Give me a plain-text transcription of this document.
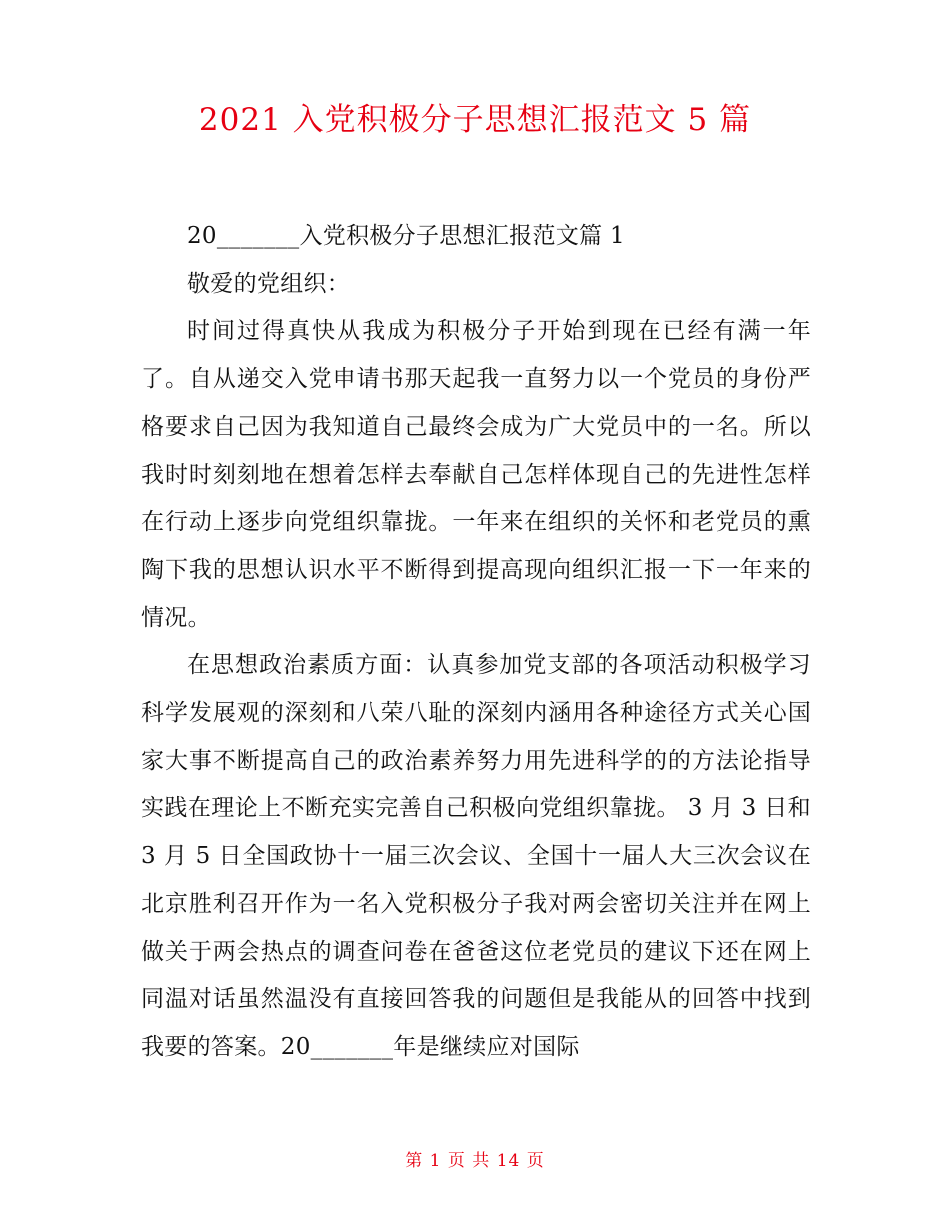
2021 入党积极分子思想汇报范文 5 篇

20_______入党积极分子思想汇报范文篇 1

敬爱的党组织：

时间过得真快从我成为积极分子开始到现在已经有满一年了。自从递交入党申请书那天起我一直努力以一个党员的身份严格要求自己因为我知道自己最终会成为广大党员中的一名。所以我时时刻刻地在想着怎样去奉献自己怎样体现自己的先进性怎样在行动上逐步向党组织靠拢。一年来在组织的关怀和老党员的熏陶下我的思想认识水平不断得到提高现向组织汇报一下一年来的情况。

在思想政治素质方面：认真参加党支部的各项活动积极学习科学发展观的深刻和八荣八耻的深刻内涵用各种途径方式关心国家大事不断提高自己的政治素养努力用先进科学的的方法论指导实践在理论上不断充实完善自己积极向党组织靠拢。 3 月 3 日和 3 月 5 日全国政协十一届三次会议、全国十一届人大三次会议在北京胜利召开作为一名入党积极分子我对两会密切关注并在网上做关于两会热点的调查问卷在爸爸这位老党员的建议下还在网上同温对话虽然温没有直接回答我的问题但是我能从的回答中找到我要的答案。20_______年是继续应对国际

第 1 页 共 14 页
